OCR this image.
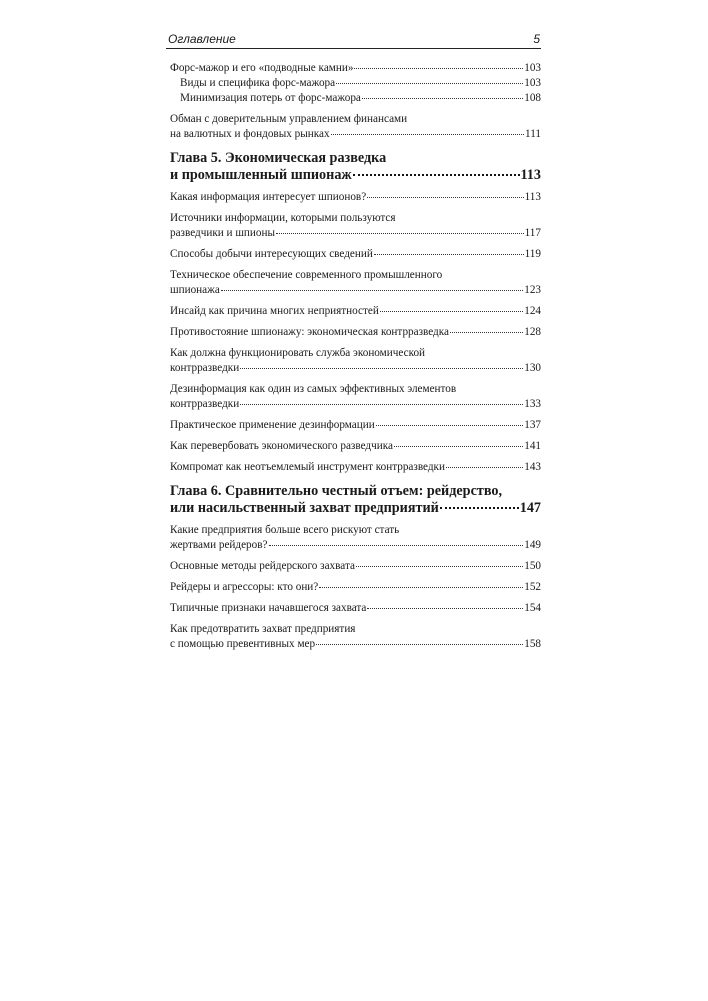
Оглавление	5
Форс-мажор и его «подводные камни»	103
Виды и специфика форс-мажора	103
Минимизация потерь от форс-мажора	108
Обман с доверительным управлением финансами
на валютных и фондовых рынках	111
Глава 5. Экономическая разведка
и промышленный шпионаж	113
Какая информация интересует шпионов?	113
Источники информации, которыми пользуются
разведчики и шпионы	117
Способы добычи интересующих сведений	119
Техническое обеспечение современного промышленного
шпионажа	123
Инсайд как причина многих неприятностей	124
Противостояние шпионажу: экономическая контрразведка	128
Как должна функционировать служба экономической
контрразведки	130
Дезинформация как один из самых эффективных элементов
контрразведки	133
Практическое применение дезинформации	137
Как перевербовать экономического разведчика	141
Компромат как неотъемлемый инструмент контрразведки	143
Глава 6. Сравнительно честный отъем: рейдерство,
или насильственный захват предприятий	147
Какие предприятия больше всего рискуют стать
жертвами рейдеров?	149
Основные методы рейдерского захвата	150
Рейдеры и агрессоры: кто они?	152
Типичные признаки начавшегося захвата	154
Как предотвратить захват предприятия
с помощью превентивных мер	158
